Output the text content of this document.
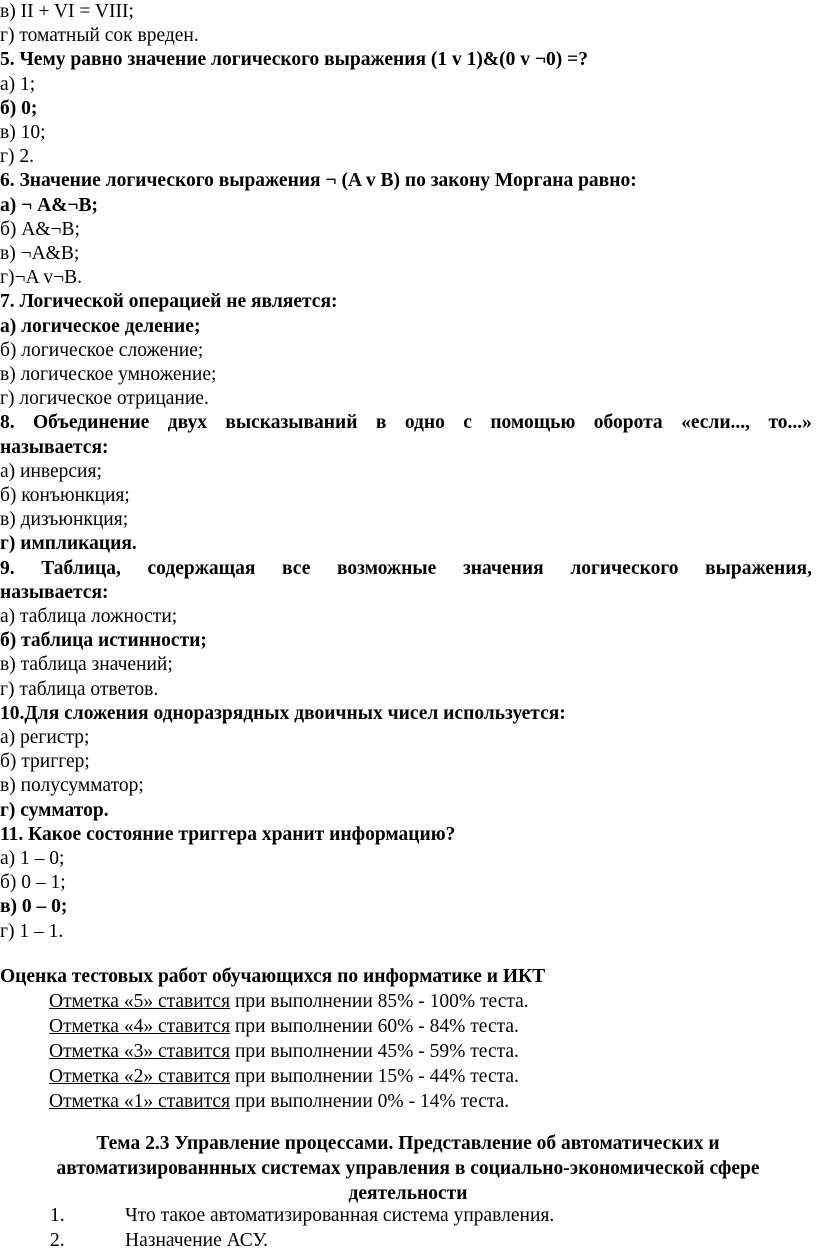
в) II + VI = VIII;
г) томатный сок вреден.
5. Чему равно значение логического выражения (1 v 1)&(0 v ¬0) =?
а) 1;
б) 0;
в) 10;
г) 2.
6. Значение логического выражения ¬ (A v B) по закону Моргана равно:
а) ¬ A&¬B;
б) A&¬B;
в) ¬A&B;
г)¬A v¬B.
7. Логической операцией не является:
а) логическое деление;
б) логическое сложение;
в) логическое умножение;
г) логическое отрицание.
8. Объединение двух высказываний в одно с помощью оборота «если..., то...»
называется:
а) инверсия;
б) конъюнкция;
в) дизъюнкция;
г) импликация.
9. Таблица, содержащая все возможные значения логического выражения,
называется:
а) таблица ложности;
б) таблица истинности;
в) таблица значений;
г) таблица ответов.
10.Для сложения одноразрядных двоичных чисел используется:
а) регистр;
б) триггер;
в) полусумматор;
г) сумматор.
11. Какое состояние триггера хранит информацию?
а) 1 – 0;
б) 0 – 1;
в) 0 – 0;
г) 1 – 1.
Оценка тестовых работ обучающихся по информатике и ИКТ
Отметка «5» ставится при выполнении 85% - 100% теста.
Отметка «4» ставится при выполнении 60% - 84% теста.
Отметка «3» ставится при выполнении 45% - 59% теста.
Отметка «2» ставится при выполнении 15% - 44% теста.
Отметка «1» ставится при выполнении 0% - 14% теста.
Тема 2.3 Управление процессами. Представление об автоматических и
автоматизированнных системах управления в социально-экономической сфере
деятельности
1.	Что такое автоматизированная система управления.
2.	Назначение АСУ.
